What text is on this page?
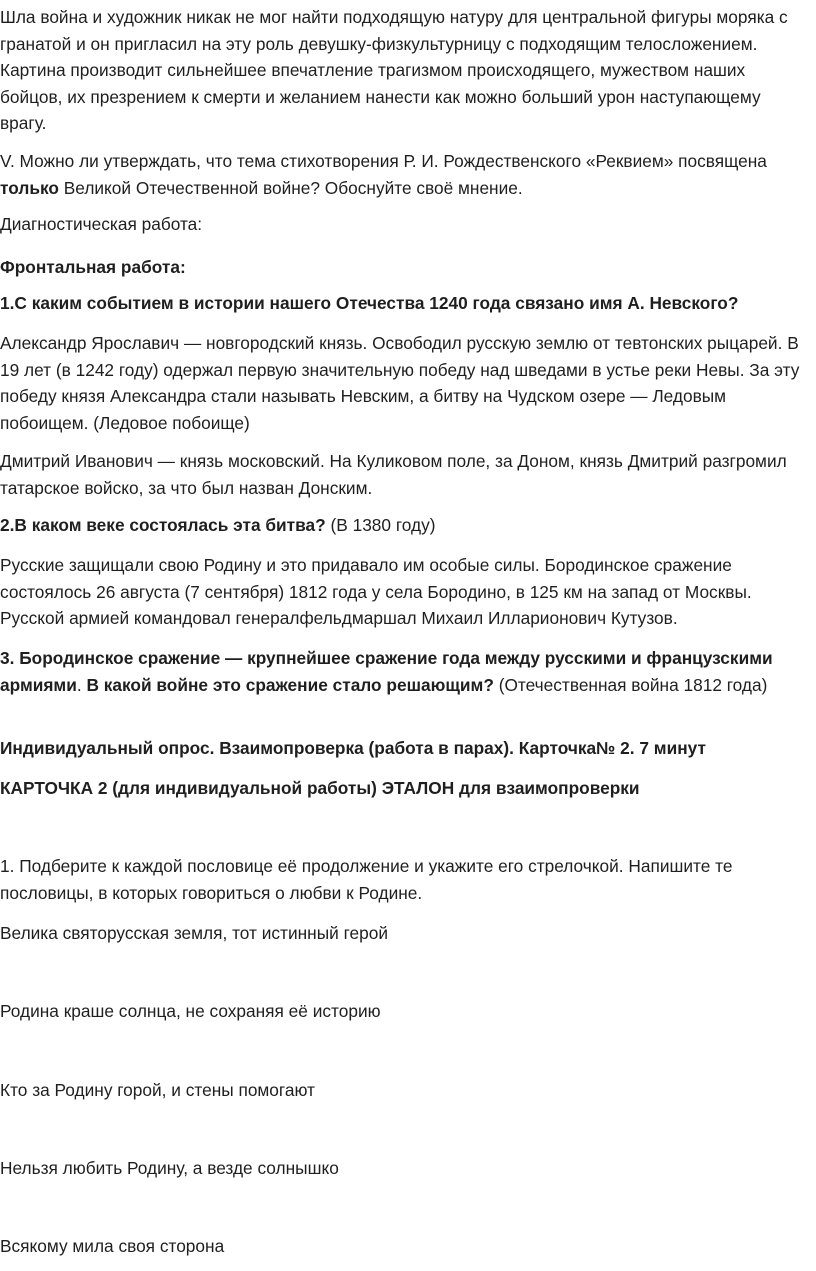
Шла война и художник никак не мог найти подходящую натуру для центральной фигуры моряка с гранатой и он пригласил на эту роль девушку-физкультурницу с подходящим телосложением. Картина производит сильнейшее впечатление трагизмом происходящего, мужеством наших бойцов, их презрением к смерти и желанием нанести как можно больший урон наступающему врагу.

V. Можно ли утверждать, что тема стихотворения Р. И. Рождественского «Реквием» посвящена только Великой Отечественной войне? Обоснуйте своё мнение.

Диагностическая работа:

Фронтальная работа:

1.С каким событием в истории нашего Отечества 1240 года связано имя А. Невского?

Александр Ярославич — новгородский князь. Освободил русскую землю от тевтонских рыцарей. В 19 лет (в 1242 году) одержал первую значительную победу над шведами в устье реки Невы. За эту победу князя Александра стали называть Невским, а битву на Чудском озере — Ледовым побоищем. (Ледовое побоище)

Дмитрий Иванович — князь московский. На Куликовом поле, за Доном, князь Дмитрий разгромил татарское войско, за что был назван Донским.

2.В каком веке состоялась эта битва? (В 1380 году)

Русские защищали свою Родину и это придавало им особые силы. Бородинское сражение состоялось 26 августа (7 сентября) 1812 года у села Бородино, в 125 км на запад от Москвы. Русской армией командовал генералфельдмаршал Михаил Илларионович Кутузов.

3. Бородинское сражение — крупнейшее сражение года между русскими и французскими армиями. В какой войне это сражение стало решающим? (Отечественная война 1812 года)

Индивидуальный опрос. Взаимопроверка (работа в парах). Карточка№ 2. 7 минут

КАРТОЧКА 2 (для индивидуальной работы) ЭТАЛОН для взаимопроверки

1. Подберите к каждой пословице её продолжение и укажите его стрелочкой. Напишите те пословицы, в которых говориться о любви к Родине.

Велика святорусская земля, тот истинный герой

Родина краше солнца, не сохраняя её историю

Кто за Родину горой, и стены помогают

Нельзя любить Родину, а везде солнышко

Всякому мила своя сторона
